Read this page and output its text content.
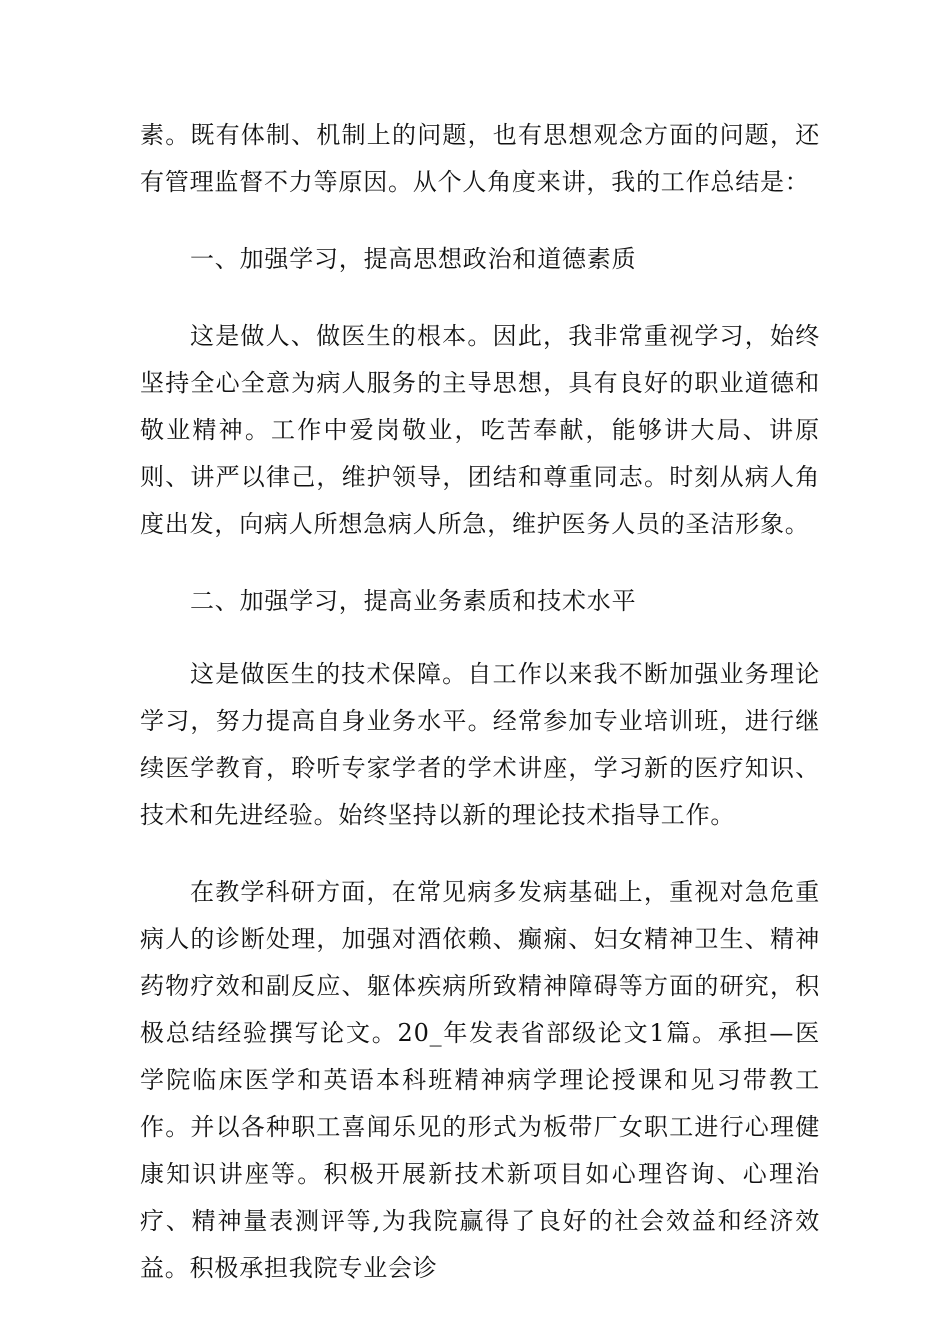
素。既有体制、机制上的问题，也有思想观念方面的问题，还有管理监督不力等原因。从个人角度来讲，我的工作总结是：

一、加强学习，提高思想政治和道德素质

这是做人、做医生的根本。因此，我非常重视学习，始终坚持全心全意为病人服务的主导思想，具有良好的职业道德和敬业精神。工作中爱岗敬业，吃苦奉献，能够讲大局、讲原则、讲严以律己，维护领导，团结和尊重同志。时刻从病人角度出发，向病人所想急病人所急，维护医务人员的圣洁形象。

二、加强学习，提高业务素质和技术水平

这是做医生的技术保障。自工作以来我不断加强业务理论学习，努力提高自身业务水平。经常参加专业培训班，进行继续医学教育，聆听专家学者的学术讲座，学习新的医疗知识、技术和先进经验。始终坚持以新的理论技术指导工作。

在教学科研方面，在常见病多发病基础上，重视对急危重病人的诊断处理，加强对酒依赖、癫痫、妇女精神卫生、精神药物疗效和副反应、躯体疾病所致精神障碍等方面的研究，积极总结经验撰写论文。20_年发表省部级论文1篇。承担—医学院临床医学和英语本科班精神病学理论授课和见习带教工作。并以各种职工喜闻乐见的形式为板带厂女职工进行心理健康知识讲座等。积极开展新技术新项目如心理咨询、心理治疗、精神量表测评等,为我院赢得了良好的社会效益和经济效益。积极承担我院专业会诊
